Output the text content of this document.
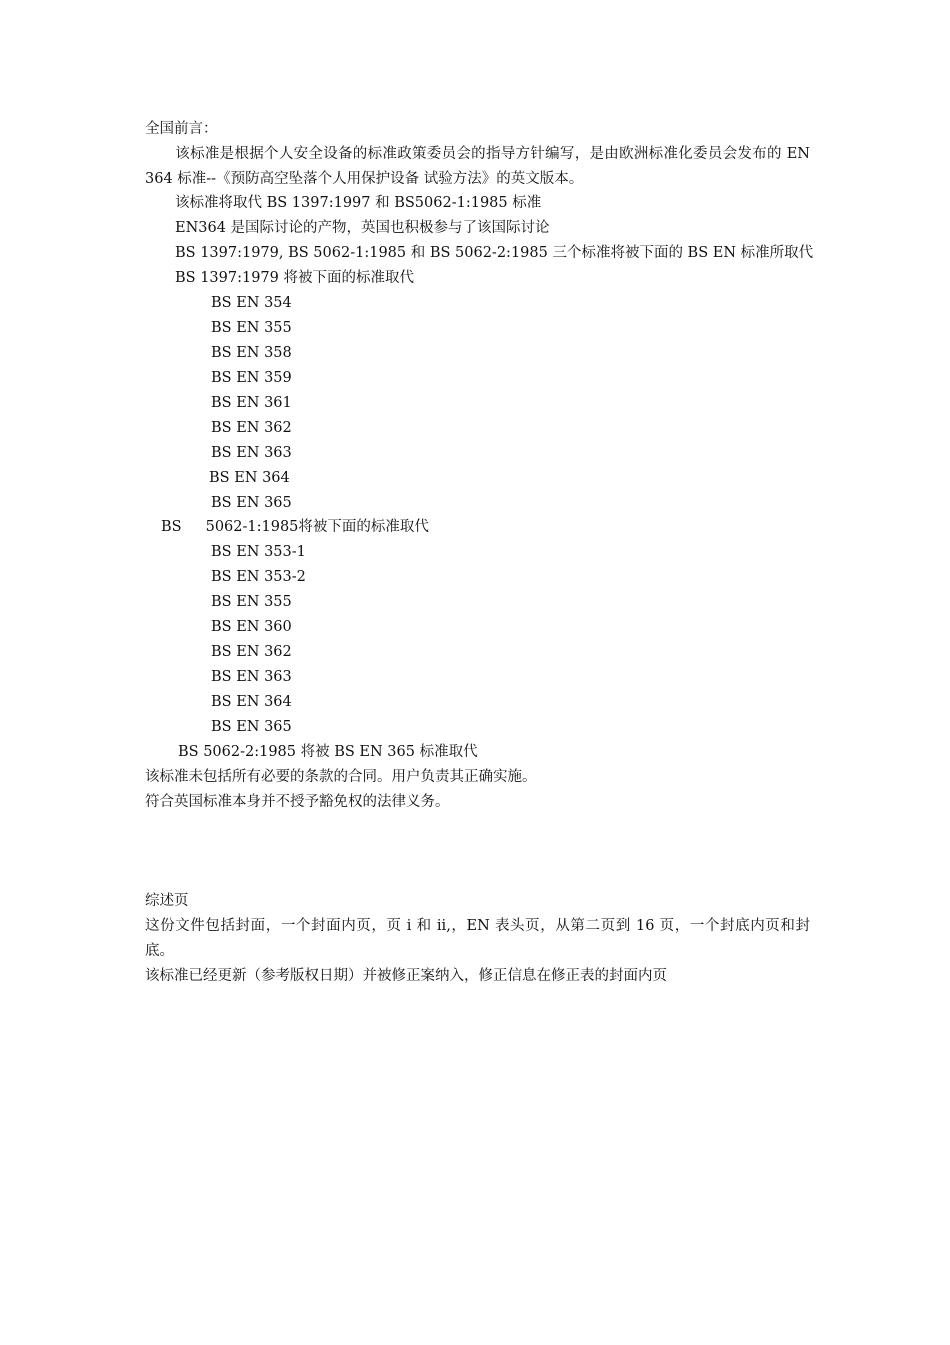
全国前言：
该标准是根据个人安全设备的标准政策委员会的指导方针编写，是由欧洲标准化委员会发布的 EN 364 标准--《预防高空坠落个人用保护设备 试验方法》的英文版本。
该标准将取代 BS 1397:1997 和 BS5062-1:1985 标准
EN364 是国际讨论的产物，英国也积极参与了该国际讨论
BS 1397:1979, BS 5062-1:1985 和 BS 5062-2:1985 三个标准将被下面的 BS EN 标准所取代
BS 1397:1979 将被下面的标准取代
BS EN 354
BS EN 355
BS EN 358
BS EN 359
BS EN 361
BS EN 362
BS EN 363
BS EN 364
BS EN 365
BS 5062-1:1985将被下面的标准取代
BS EN 353-1
BS EN 353-2
BS EN 355
BS EN 360
BS EN 362
BS EN 363
BS EN 364
BS EN 365
BS 5062-2:1985 将被 BS EN 365 标准取代
该标准未包括所有必要的条款的合同。用户负责其正确实施。
符合英国标准本身并不授予豁免权的法律义务。
综述页
这份文件包括封面，一个封面内页，页 i 和 ii,，EN 表头页，从第二页到 16 页，一个封底内页和封底。
该标准已经更新（参考版权日期）并被修正案纳入，修正信息在修正表的封面内页
